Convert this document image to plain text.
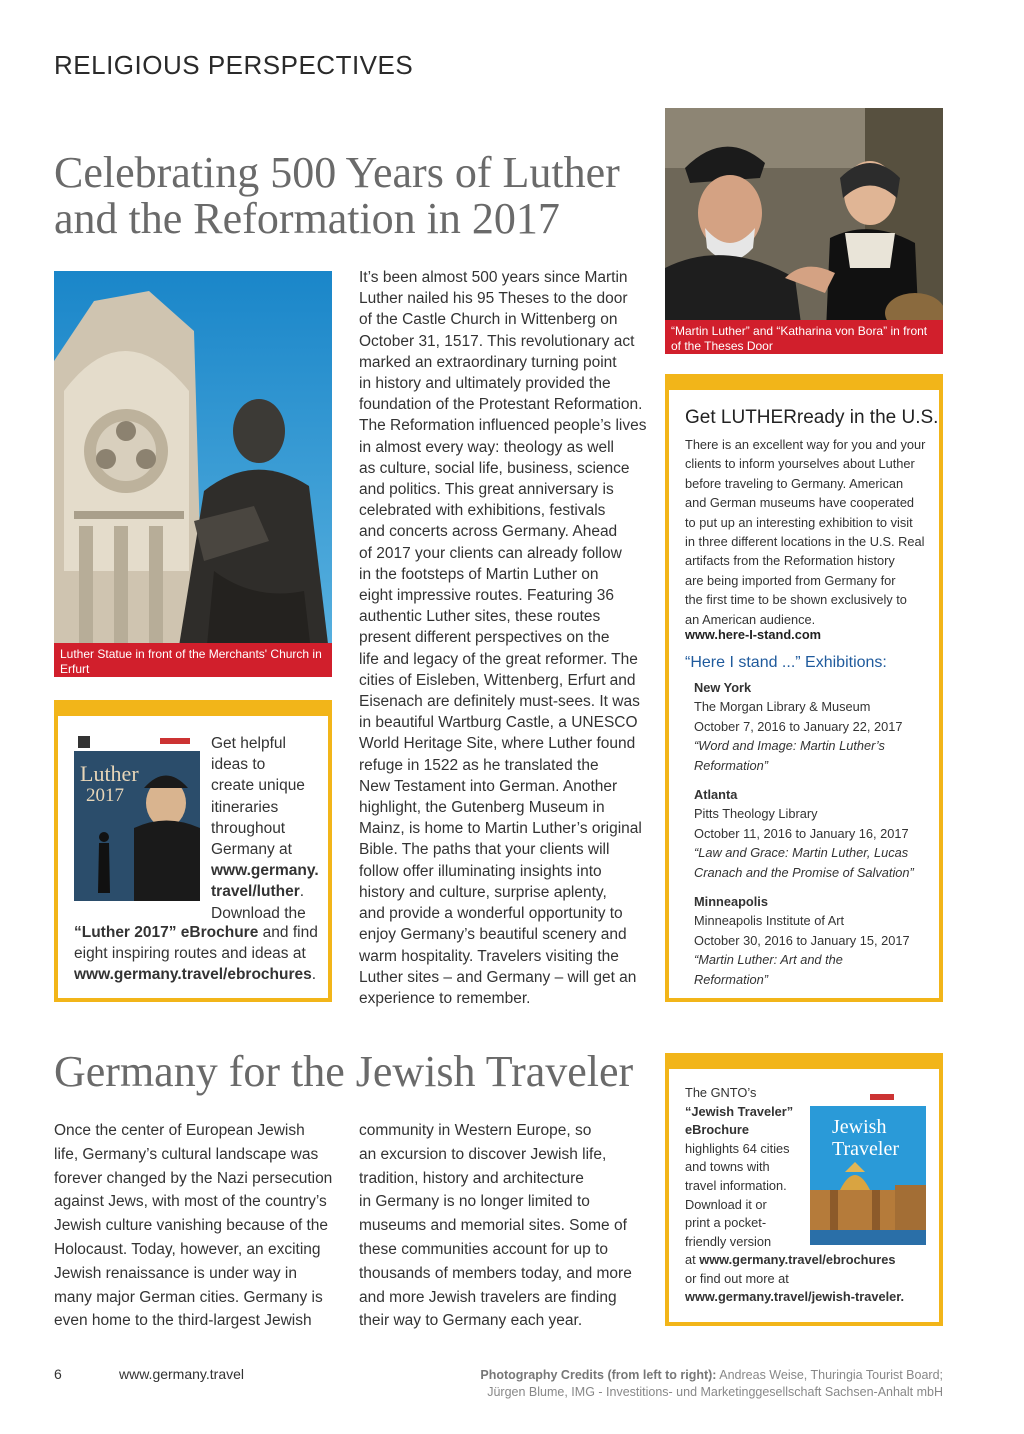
RELIGIOUS PERSPECTIVES
Celebrating 500 Years of Luther
and the Reformation in 2017
Luther Statue in front of the Merchants' Church in Erfurt
Luther
2017
Get helpful
ideas to
create unique
itineraries
throughout
Germany at
www.germany.
travel/luther.
Download the
“Luther 2017” eBrochure and find
eight inspiring routes and ideas at
www.germany.travel/ebrochures.
It’s been almost 500 years since Martin
Luther nailed his 95 Theses to the door
of the Castle Church in Wittenberg on
October 31, 1517. This revolutionary act
marked an extraordinary turning point
in history and ultimately provided the
foundation of the Protestant Reformation.
The Reformation influenced people’s lives
in almost every way: theology as well
as culture, social life, business, science
and politics. This great anniversary is
celebrated with exhibitions, festivals
and concerts across Germany. Ahead
of 2017 your clients can already follow
in the footsteps of Martin Luther on
eight impressive routes. Featuring 36
authentic Luther sites, these routes
present different perspectives on the
life and legacy of the great reformer. The
cities of Eisleben, Wittenberg, Erfurt and
Eisenach are definitely must-sees. It was
in beautiful Wartburg Castle, a UNESCO
World Heritage Site, where Luther found
refuge in 1522 as he translated the
New Testament into German. Another
highlight, the Gutenberg Museum in
Mainz, is home to Martin Luther’s original
Bible. The paths that your clients will
follow offer illuminating insights into
history and culture, surprise aplenty,
and provide a wonderful opportunity to
enjoy Germany’s beautiful scenery and
warm hospitality. Travelers visiting the
Luther sites – and Germany – will get an
experience to remember.
“Martin Luther” and “Katharina von Bora” in front of the Theses Door
Get LUTHERready in the U.S.
There is an excellent way for you and your
clients to inform yourselves about Luther
before traveling to Germany. American
and German museums have cooperated
to put up an interesting exhibition to visit
in three different locations in the U.S. Real
artifacts from the Reformation history
are being imported from Germany for
the first time to be shown exclusively to
an American audience.
www.here-I-stand.com
“Here I stand ...” Exhibitions:
New York
The Morgan Library & Museum
October 7, 2016 to January 22, 2017
“Word and Image: Martin Luther’s
Reformation”
Atlanta
Pitts Theology Library
October 11, 2016 to January 16, 2017
“Law and Grace: Martin Luther, Lucas
Cranach and the Promise of Salvation”
Minneapolis
Minneapolis Institute of Art
October 30, 2016 to January 15, 2017
“Martin Luther: Art and the
Reformation”
Germany for the Jewish Traveler
Once the center of European Jewish
life, Germany’s cultural landscape was
forever changed by the Nazi persecution
against Jews, with most of the country’s
Jewish culture vanishing because of the
Holocaust. Today, however, an exciting
Jewish renaissance is under way in
many major German cities. Germany is
even home to the third-largest Jewish
community in Western Europe, so
an excursion to discover Jewish life,
tradition, history and architecture
in Germany is no longer limited to
museums and memorial sites. Some of
these communities account for up to
thousands of members today, and more
and more Jewish travelers are finding
their way to Germany each year.
The GNTO’s
“Jewish Traveler”
eBrochure
highlights 64 cities
and towns with
travel information.
Download it or
print a pocket-
friendly version
at www.germany.travel/ebrochures
or find out more at
www.germany.travel/jewish-traveler.
Jewish
Traveler
6	www.germany.travel	Photography Credits (from left to right): Andreas Weise, Thuringia Tourist Board;
Jürgen Blume, IMG - Investitions- und Marketinggesellschaft Sachsen-Anhalt mbH
